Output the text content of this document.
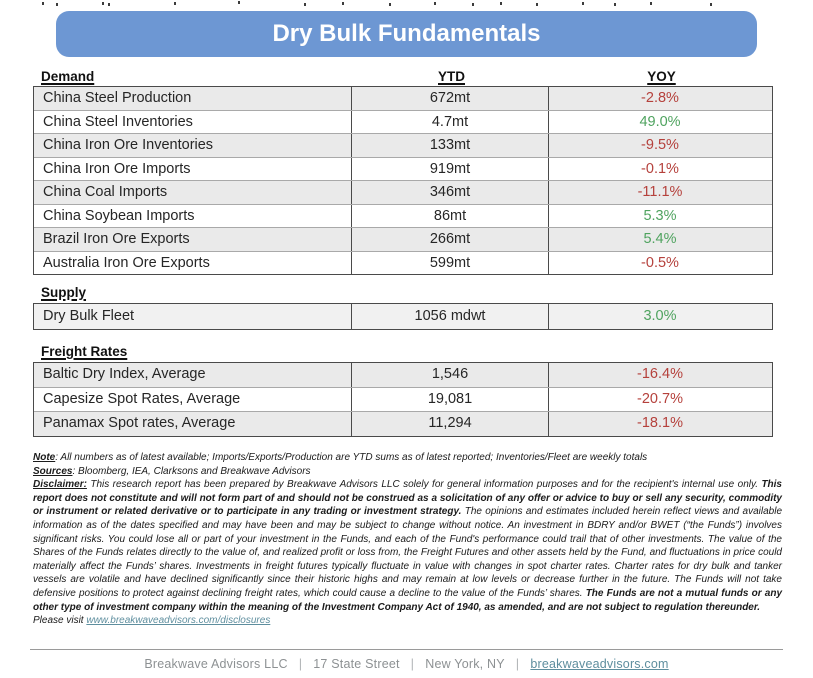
Dry Bulk Fundamentals
Demand	YTD	YOY
China Steel Production	672mt	-2.8%
China Steel Inventories	4.7mt	49.0%
China Iron Ore Inventories	133mt	-9.5%
China Iron Ore Imports	919mt	-0.1%
China Coal Imports	346mt	-11.1%
China Soybean Imports	86mt	5.3%
Brazil Iron Ore Exports	266mt	5.4%
Australia Iron Ore Exports	599mt	-0.5%
Supply
Dry Bulk Fleet	1056 mdwt	3.0%
Freight Rates
Baltic Dry Index, Average	1,546	-16.4%
Capesize Spot Rates, Average	19,081	-20.7%
Panamax Spot rates, Average	11,294	-18.1%
Note: All numbers as of latest available; Imports/Exports/Production are YTD sums as of latest reported; Inventories/Fleet are weekly totals
Sources: Bloomberg, IEA, Clarksons and Breakwave Advisors
Disclaimer: This research report has been prepared by Breakwave Advisors LLC solely for general information purposes and for the recipient's internal use only. This report does not constitute and will not form part of and should not be construed as a solicitation of any offer or advice to buy or sell any security, commodity or instrument or related derivative or to participate in any trading or investment strategy. The opinions and estimates included herein reflect views and available information as of the dates specified and may have been and may be subject to change without notice. An investment in BDRY and/or BWET (“the Funds”) involves significant risks. You could lose all or part of your investment in the Funds, and each of the Fund's performance could trail that of other investments. The value of the Shares of the Funds relates directly to the value of, and realized profit or loss from, the Freight Futures and other assets held by the Fund, and fluctuations in price could materially affect the Funds’ shares. Investments in freight futures typically fluctuate in value with changes in spot charter rates. Charter rates for dry bulk and tanker vessels are volatile and have declined significantly since their historic highs and may remain at low levels or decrease further in the future. The Funds will not take defensive positions to protect against declining freight rates, which could cause a decline to the value of the Funds’ shares. The Funds are not a mutual funds or any other type of investment company within the meaning of the Investment Company Act of 1940, as amended, and are not subject to regulation thereunder.
Please visit www.breakwaveadvisors.com/disclosures
Breakwave Advisors LLC | 17 State Street | New York, NY | breakwaveadvisors.com
